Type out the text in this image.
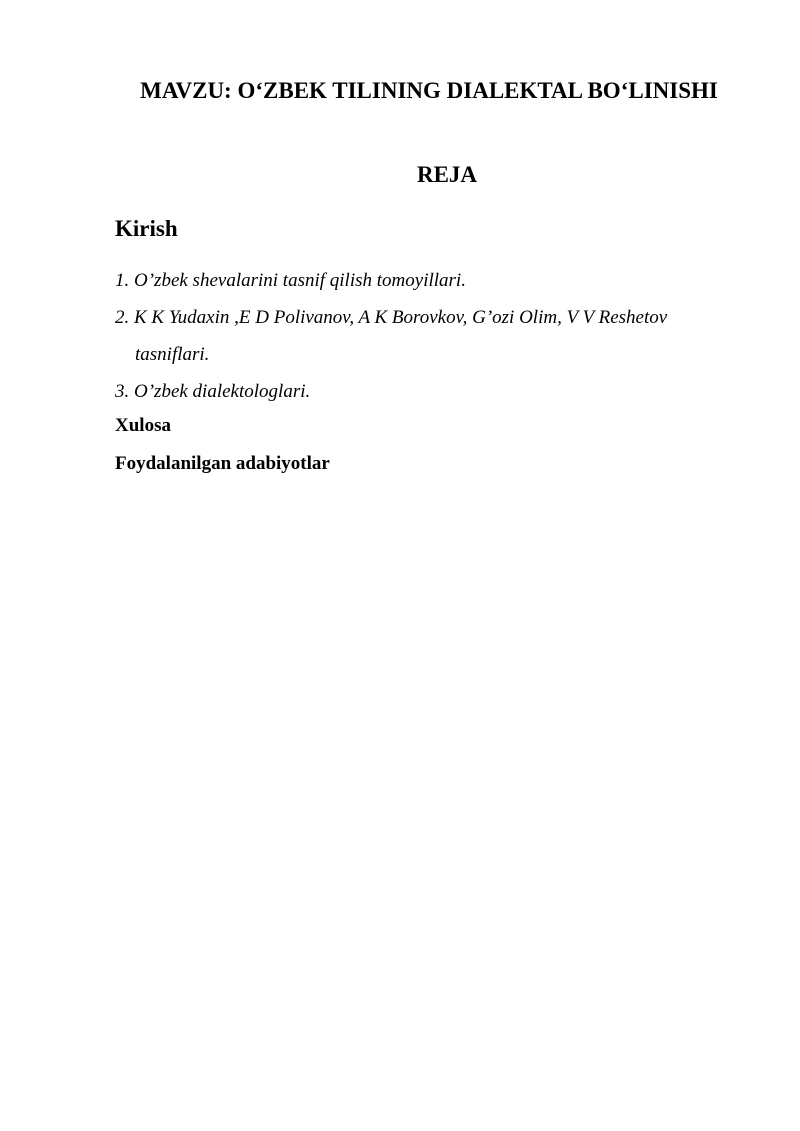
MAVZU: O‘ZBEK TILINING DIALEKTAL BO‘LINISHI
REJA
Kirish
1. O’zbek shevalarini tasnif qilish tomoyillari.
2. K K Yudaxin ,E D Polivanov, A K Borovkov, G’ozi Olim, V V Reshetov tasniflari.
3. O’zbek dialektologlari.

Xulosa

Foydalanilgan adabiyotlar
